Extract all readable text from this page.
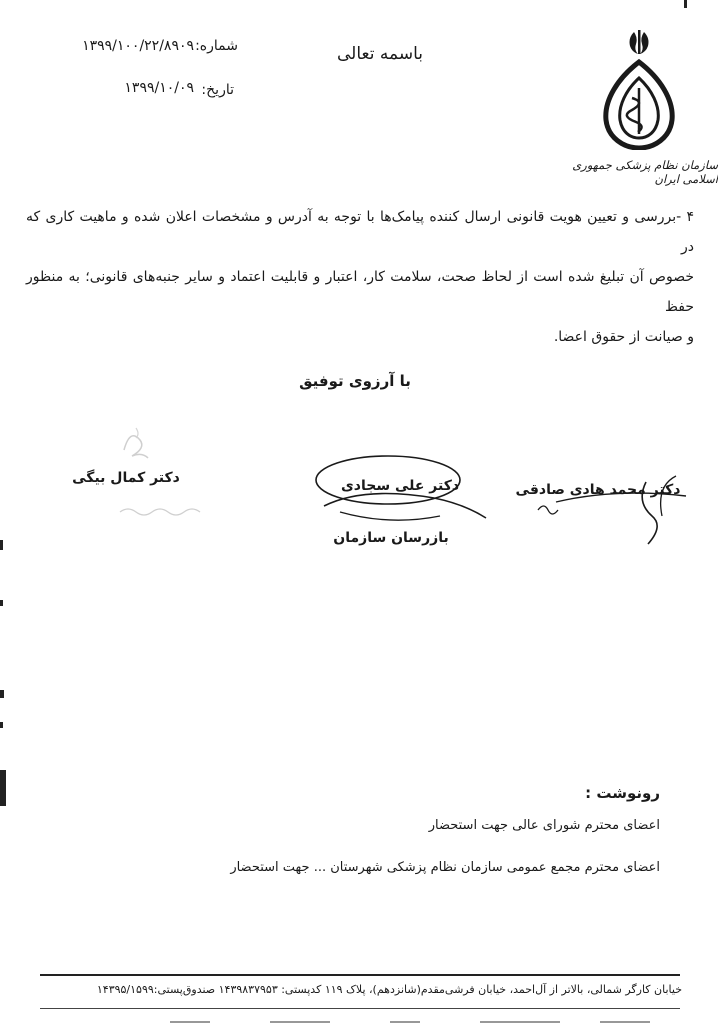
باسمه تعالی
شماره:
۱۳۹۹/۱۰۰/۲۲/۸۹۰۹
تاریخ:
۱۳۹۹/۱۰/۰۹
سازمان نظام پزشکی جمهوری اسلامی ایران
۴ -بررسی و تعیین هویت قانونی ارسال کننده پیامک‌ها با توجه به آدرس و مشخصات اعلان شده و ماهیت کاری که در
خصوص آن تبلیغ شده است از لحاظ صحت، سلامت کار، اعتبار و قابلیت اعتماد و سایر جنبه‌های قانونی؛ به منظور حفظ
و صیانت از حقوق اعضا.
با آرزوی توفیق
دکتر کمال بیگی	دکتر علی سجادی
بازرسان سازمان
دکتر محمد هادی صادقی
رونوشت :
اعضای محترم شورای عالی جهت استحضار
اعضای محترم مجمع عمومی سازمان نظام پزشکی شهرستان ... جهت استحضار
خیابان کارگر شمالی، بالاتر از آل‌احمد، خیابان فرشی‌مقدم(شانزدهم)، پلاک ۱۱۹ کدپستی: ۱۴۳۹۸۳۷۹۵۳ صندوق‌پستی:۱۴۳۹۵/۱۵۹۹
